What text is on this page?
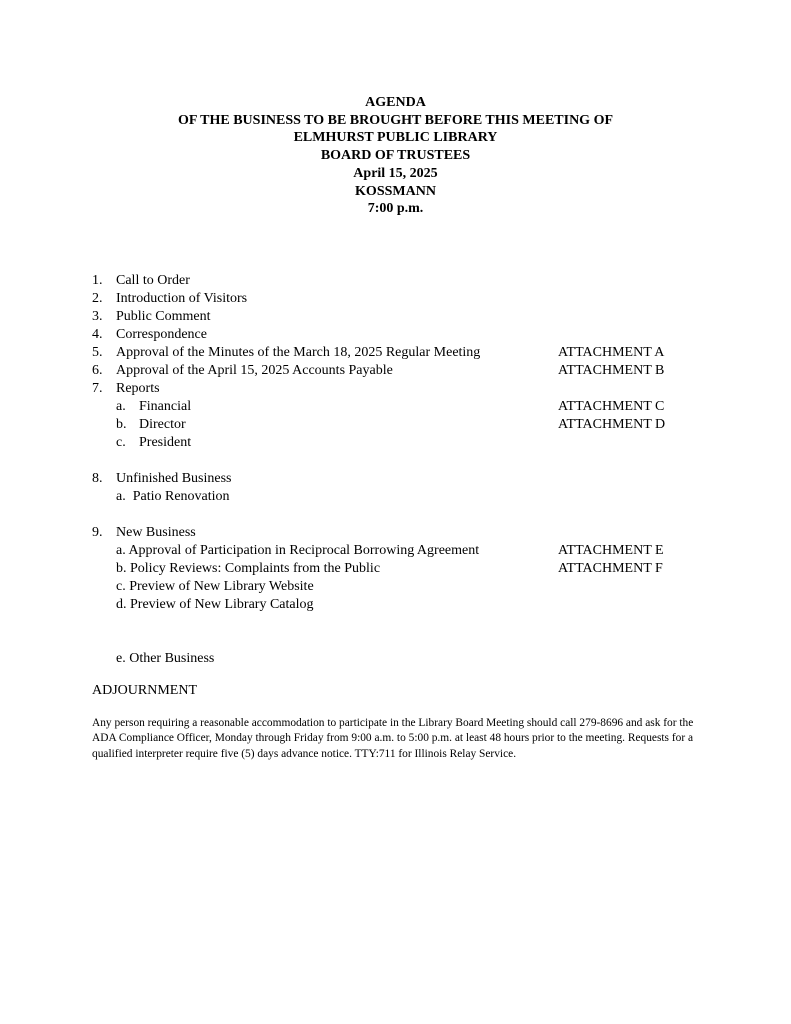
AGENDA
OF THE BUSINESS TO BE BROUGHT BEFORE THIS MEETING OF
ELMHURST PUBLIC LIBRARY
BOARD OF TRUSTEES
April 15, 2025
KOSSMANN
7:00 p.m.
1. Call to Order
2. Introduction of Visitors
3. Public Comment
4. Correspondence
5. Approval of the Minutes of the March 18, 2025 Regular Meeting	ATTACHMENT A
6. Approval of the April 15, 2025 Accounts Payable	ATTACHMENT B
7. Reports
a. Financial	ATTACHMENT C
b. Director	ATTACHMENT D
c. President
8. Unfinished Business
a.  Patio Renovation
9. New Business
a. Approval of Participation in Reciprocal Borrowing Agreement	ATTACHMENT E
b. Policy Reviews: Complaints from the Public	ATTACHMENT F
c. Preview of New Library Website
d. Preview of New Library Catalog
e. Other Business
ADJOURNMENT
Any person requiring a reasonable accommodation to participate in the Library Board Meeting should call 279-8696 and ask for the ADA Compliance Officer, Monday through Friday from 9:00 a.m. to 5:00 p.m. at least 48 hours prior to the meeting. Requests for a qualified interpreter require five (5) days advance notice. TTY:711 for Illinois Relay Service.
